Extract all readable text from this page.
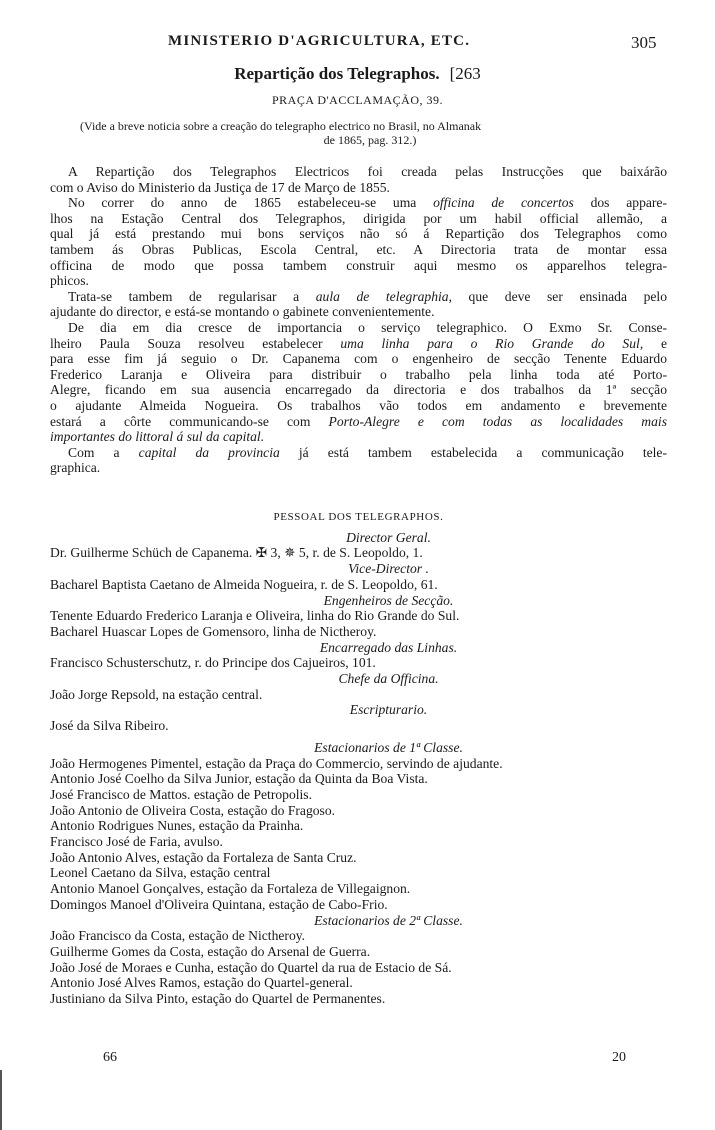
MINISTERIO D'AGRICULTURA, ETC.	305
Repartição dos Telegraphos. [263
PRAÇA D'ACCLAMAÇÃO, 39.
(Vide a breve noticia sobre a creação do telegrapho electrico no Brasil, no Almanak
de 1865, pag. 312.)
A Repartição dos Telegraphos Electricos foi creada pelas Instrucções que baixárão
com o Aviso do Ministerio da Justiça de 17 de Março de 1855.
No correr do anno de 1865 estabeleceu-se uma officina de concertos dos appare-
lhos na Estação Central dos Telegraphos, dirigida por um habil official allemão, a
qual já está prestando mui bons serviços não só á Repartição dos Telegraphos como
tambem ás Obras Publicas, Escola Central, etc. A Directoria trata de montar essa
officina de modo que possa tambem construir aqui mesmo os apparelhos telegra-
phicos.
Trata-se tambem de regularisar a aula de telegraphia, que deve ser ensinada pelo
ajudante do director, e está-se montando o gabinete convenientemente.
De dia em dia cresce de importancia o serviço telegraphico. O Exmo Sr. Conse-
lheiro Paula Souza resolveu estabelecer uma linha para o Rio Grande do Sul, e
para esse fim já seguio o Dr. Capanema com o engenheiro de secção Tenente Eduardo
Frederico Laranja e Oliveira para distribuir o trabalho pela linha toda até Porto-
Alegre, ficando em sua ausencia encarregado da directoria e dos trabalhos da 1ª secção
o ajudante Almeida Nogueira. Os trabalhos vão todos em andamento e brevemente
estará a côrte communicando-se com Porto-Alegre e com todas as localidades mais
importantes do littoral á sul da capital.
Com a capital da provincia já está tambem estabelecida a communicação tele-
graphica.
PESSOAL DOS TELEGRAPHOS.
Director Geral.
Dr. Guilherme Schüch de Capanema. ✠ 3, ✵ 5, r. de S. Leopoldo, 1.
Vice-Director .
Bacharel Baptista Caetano de Almeida Nogueira, r. de S. Leopoldo, 61.
Engenheiros de Secção.
Tenente Eduardo Frederico Laranja e Oliveira, linha do Rio Grande do Sul.
Bacharel Huascar Lopes de Gomensoro, linha de Nictheroy.
Encarregado das Linhas.
Francisco Schusterschutz, r. do Principe dos Cajueiros, 101.
Chefe da Officina.
João Jorge Repsold, na estação central.
Escripturario.
José da Silva Ribeiro.
Estacionarios de 1ª Classe.
João Hermogenes Pimentel, estação da Praça do Commercio, servindo de ajudante.
Antonio José Coelho da Silva Junior, estação da Quinta da Boa Vista.
José Francisco de Mattos. estação de Petropolis.
João Antonio de Oliveira Costa, estação do Fragoso.
Antonio Rodrigues Nunes, estação da Prainha.
Francisco José de Faria, avulso.
João Antonio Alves, estação da Fortaleza de Santa Cruz.
Leonel Caetano da Silva, estação central
Antonio Manoel Gonçalves, estação da Fortaleza de Villegaignon.
Domingos Manoel d'Oliveira Quintana, estação de Cabo-Frio.
Estacionarios de 2ª Classe.
João Francisco da Costa, estação de Nictheroy.
Guilherme Gomes da Costa, estação do Arsenal de Guerra.
João José de Moraes e Cunha, estação do Quartel da rua de Estacio de Sá.
Antonio José Alves Ramos, estação do Quartel-general.
Justiniano da Silva Pinto, estação do Quartel de Permanentes.
66	20
